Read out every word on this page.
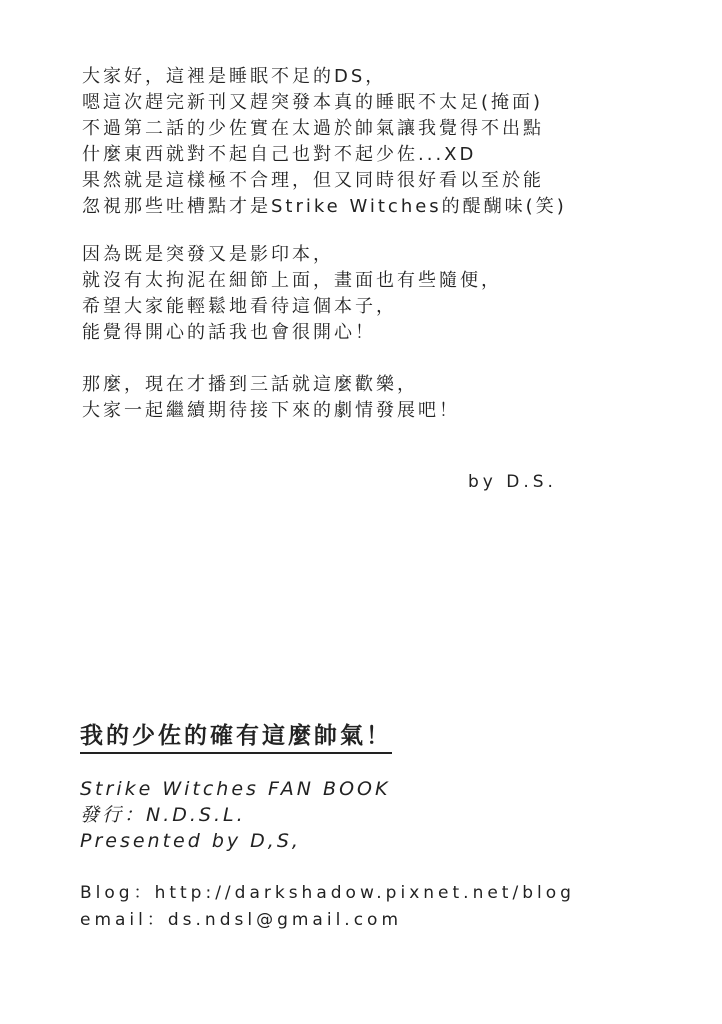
大家好，這裡是睡眠不足的DS，

嗯這次趕完新刊又趕突發本真的睡眠不太足(掩面)

不過第二話的少佐實在太過於帥氣讓我覺得不出點

什麼東西就對不起自己也對不起少佐...XD

果然就是這樣極不合理，但又同時很好看以至於能

忽視那些吐槽點才是Strike Witches的醍醐味(笑)

因為既是突發又是影印本，

就沒有太拘泥在細節上面，畫面也有些隨便，

希望大家能輕鬆地看待這個本子，

能覺得開心的話我也會很開心！

那麼，現在才播到三話就這麼歡樂，

大家一起繼續期待接下來的劇情發展吧！

by D.S.

我的少佐的確有這麼帥氣！

Strike Witches FAN BOOK

發行：N.D.S.L.

Presented by D,S,

Blog：http://darkshadow.pixnet.net/blog

email：ds.ndsl@gmail.com
